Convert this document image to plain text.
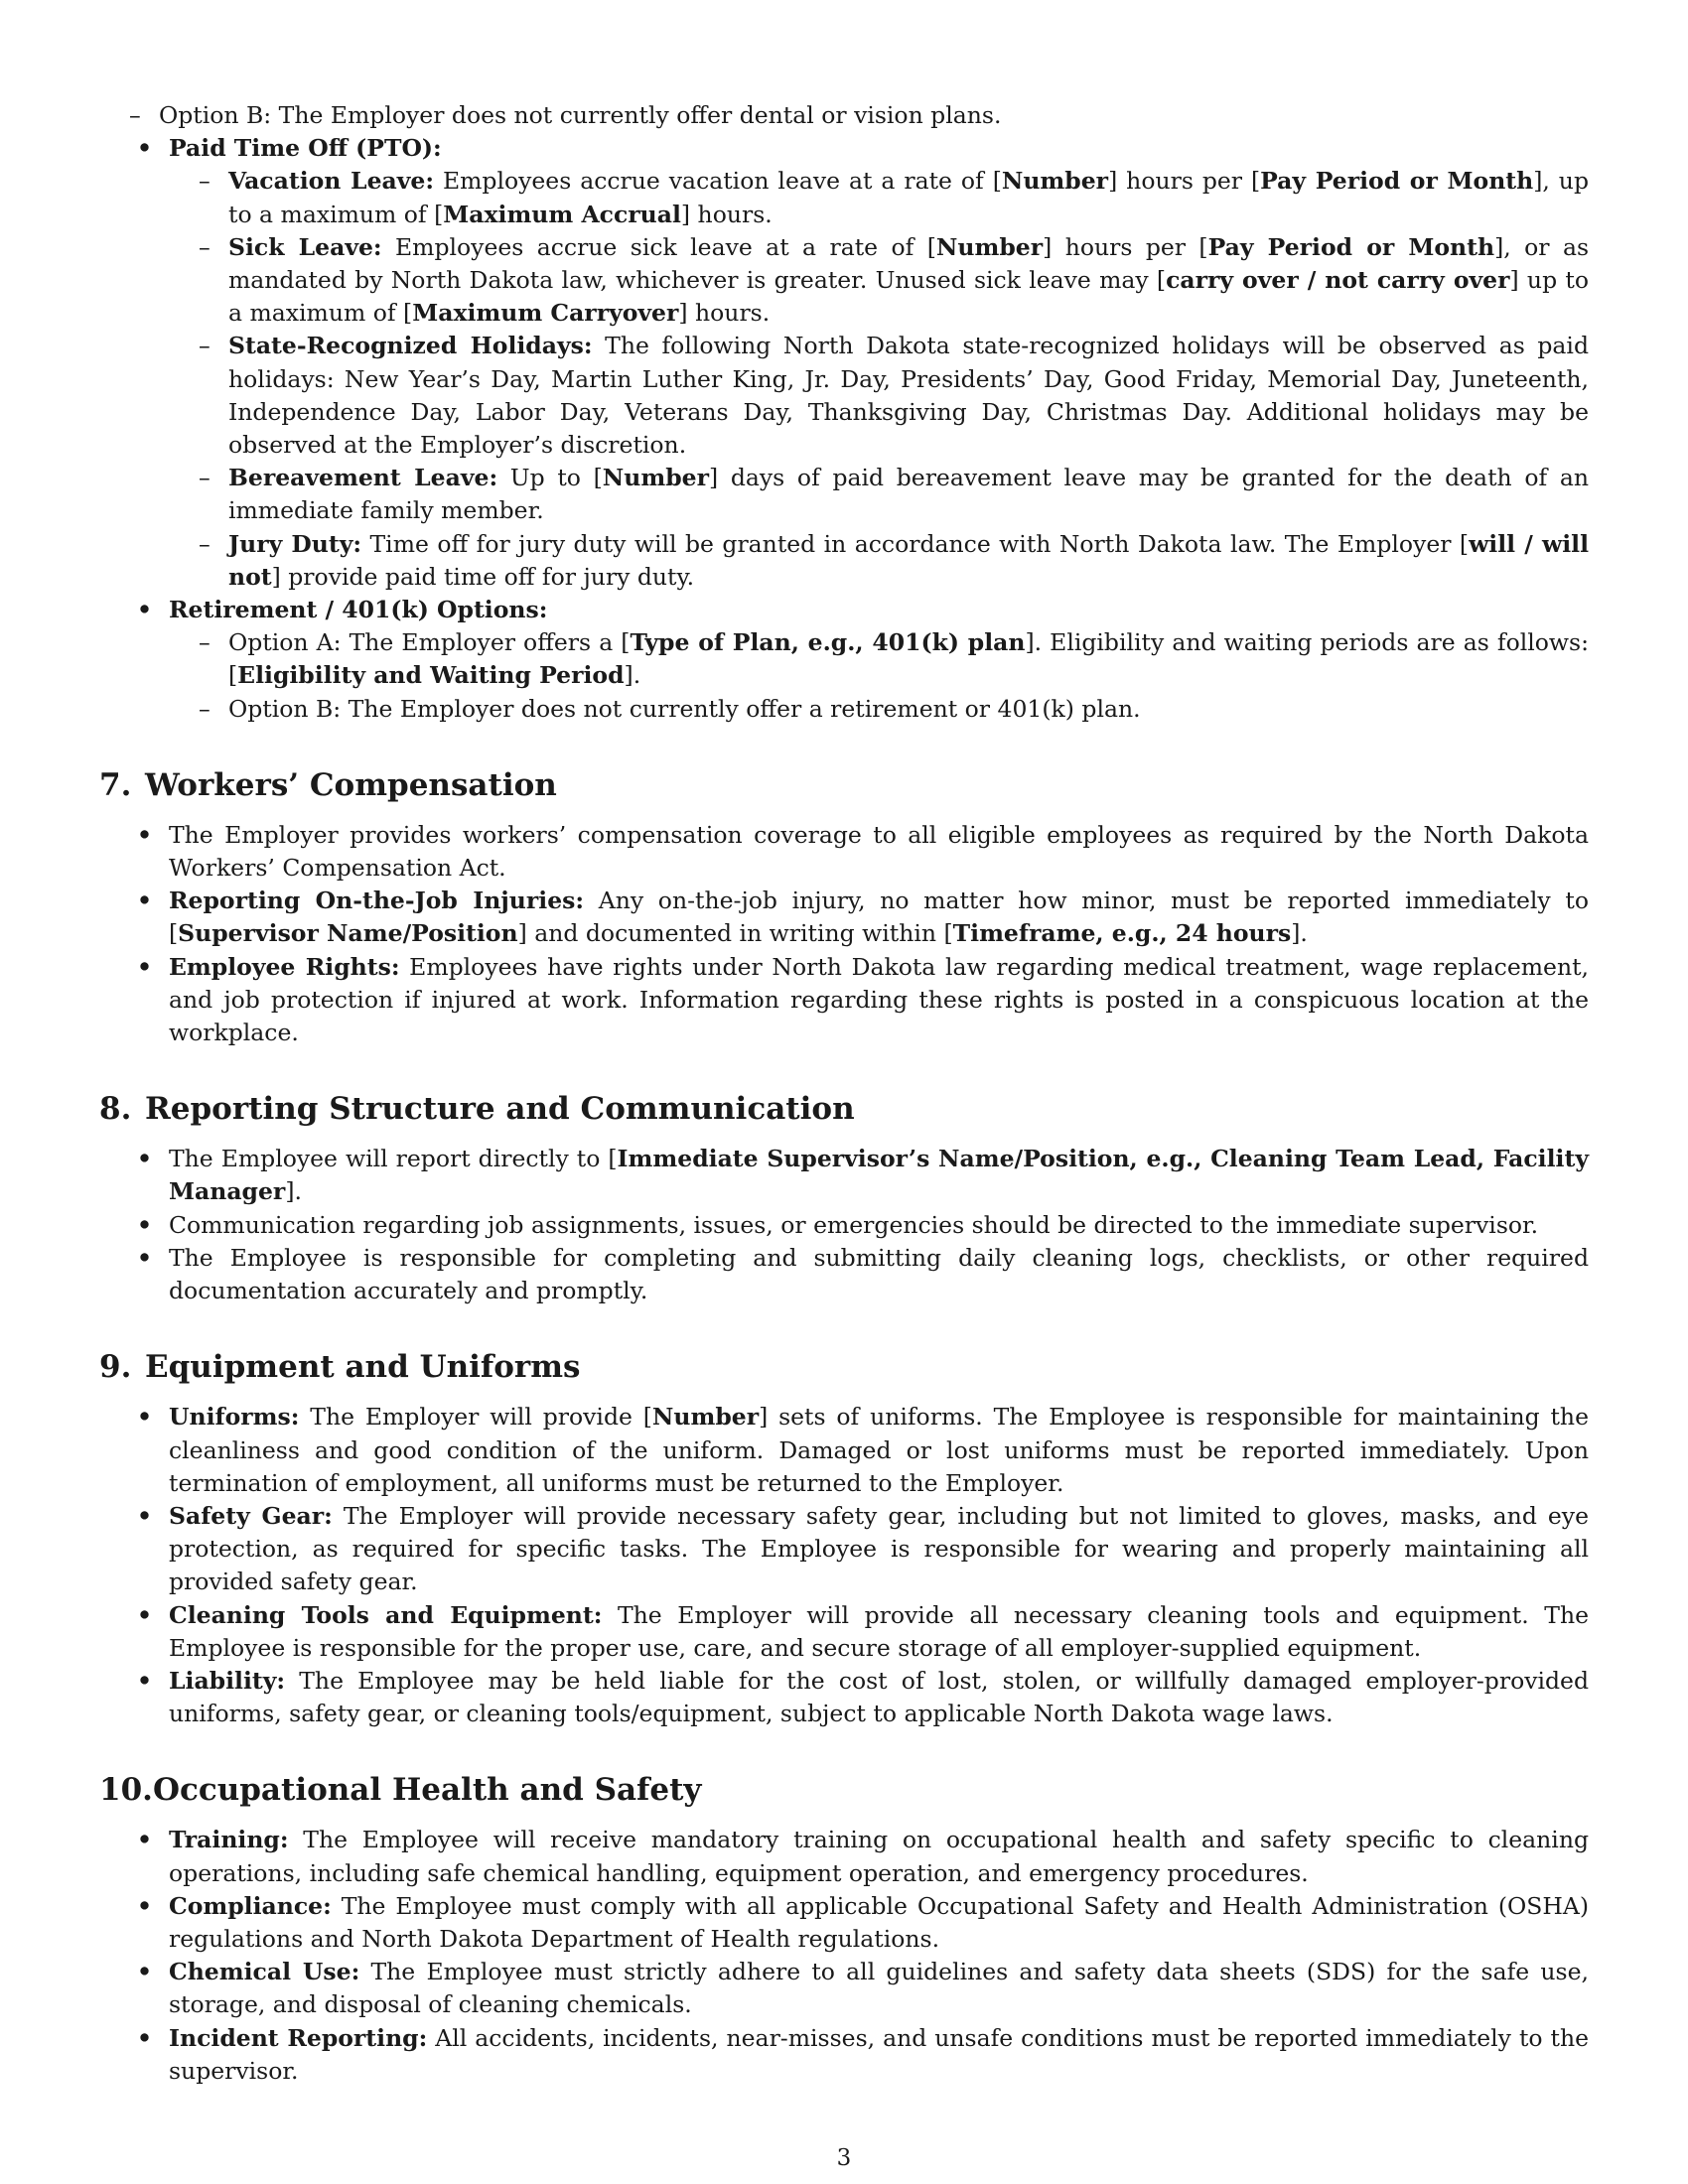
– Option B: The Employer does not currently offer dental or vision plans.
• Paid Time Off (PTO):
– Vacation Leave: Employees accrue vacation leave at a rate of [Number] hours per [Pay Period or Month], up to a maximum of [Maximum Accrual] hours.
– Sick Leave: Employees accrue sick leave at a rate of [Number] hours per [Pay Period or Month], or as mandated by North Dakota law, whichever is greater. Unused sick leave may [carry over / not carry over] up to a maximum of [Maximum Carryover] hours.
– State-Recognized Holidays: The following North Dakota state-recognized holidays will be observed as paid holidays: New Year’s Day, Martin Luther King, Jr. Day, Presidents’ Day, Good Friday, Memorial Day, Juneteenth, Independence Day, Labor Day, Veterans Day, Thanksgiving Day, Christmas Day. Additional holidays may be observed at the Employer’s discretion.
– Bereavement Leave: Up to [Number] days of paid bereavement leave may be granted for the death of an immediate family member.
– Jury Duty: Time off for jury duty will be granted in accordance with North Dakota law. The Employer [will / will not] provide paid time off for jury duty.
• Retirement / 401(k) Options:
– Option A: The Employer offers a [Type of Plan, e.g., 401(k) plan]. Eligibility and waiting periods are as follows: [Eligibility and Waiting Period].
– Option B: The Employer does not currently offer a retirement or 401(k) plan.
7. Workers’ Compensation
• The Employer provides workers’ compensation coverage to all eligible employees as required by the North Dakota Workers’ Compensation Act.
• Reporting On-the-Job Injuries: Any on-the-job injury, no matter how minor, must be reported immediately to [Supervisor Name/Position] and documented in writing within [Timeframe, e.g., 24 hours].
• Employee Rights: Employees have rights under North Dakota law regarding medical treatment, wage replacement, and job protection if injured at work. Information regarding these rights is posted in a conspicuous location at the workplace.
8. Reporting Structure and Communication
• The Employee will report directly to [Immediate Supervisor’s Name/Position, e.g., Cleaning Team Lead, Facility Manager].
• Communication regarding job assignments, issues, or emergencies should be directed to the immediate supervisor.
• The Employee is responsible for completing and submitting daily cleaning logs, checklists, or other required documentation accurately and promptly.
9. Equipment and Uniforms
• Uniforms: The Employer will provide [Number] sets of uniforms. The Employee is responsible for maintaining the cleanliness and good condition of the uniform. Damaged or lost uniforms must be reported immediately. Upon termination of employment, all uniforms must be returned to the Employer.
• Safety Gear: The Employer will provide necessary safety gear, including but not limited to gloves, masks, and eye protection, as required for specific tasks. The Employee is responsible for wearing and properly maintaining all provided safety gear.
• Cleaning Tools and Equipment: The Employer will provide all necessary cleaning tools and equipment. The Employee is responsible for the proper use, care, and secure storage of all employer-supplied equipment.
• Liability: The Employee may be held liable for the cost of lost, stolen, or willfully damaged employer-provided uniforms, safety gear, or cleaning tools/equipment, subject to applicable North Dakota wage laws.
10.Occupational Health and Safety
• Training: The Employee will receive mandatory training on occupational health and safety specific to cleaning operations, including safe chemical handling, equipment operation, and emergency procedures.
• Compliance: The Employee must comply with all applicable Occupational Safety and Health Administration (OSHA) regulations and North Dakota Department of Health regulations.
• Chemical Use: The Employee must strictly adhere to all guidelines and safety data sheets (SDS) for the safe use, storage, and disposal of cleaning chemicals.
• Incident Reporting: All accidents, incidents, near-misses, and unsafe conditions must be reported immediately to the supervisor.
3
